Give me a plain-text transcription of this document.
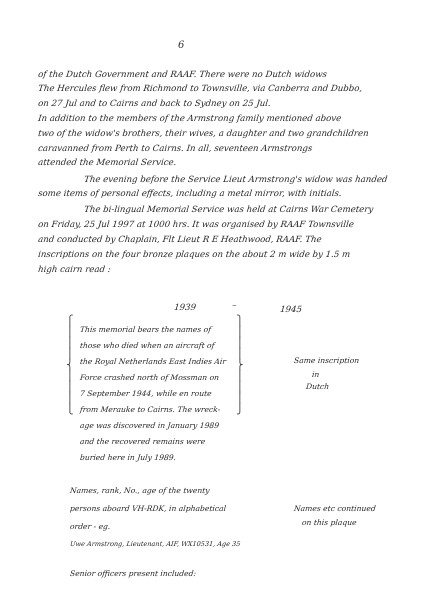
6
of the Dutch Government and RAAF. There were no Dutch widows
The Hercules flew from Richmond to Townsville, via Canberra and Dubbo,
on 27 Jul and to Cairns and back to Sydney on 25 Jul.
In addition to the members of the Armstrong family mentioned above
two of the widow's brothers, their wives, a daughter and two grandchildren
caravanned from Perth to Cairns. In all, seventeen Armstrongs
attended the Memorial Service.
The evening before the Service Lieut Armstrong's widow was handed
some items of personal effects, including a metal mirror, with initials.
The bi-lingual Memorial Service was held at Cairns War Cemetery
on Friday, 25 Jul 1997 at 1000 hrs. It was organised by RAAF Townsville
and conducted by Chaplain, Flt Lieut R E Heathwood, RAAF. The
inscriptions on the four bronze plaques on the about 2 m wide by 1.5 m
high cairn read :
1939	–	1945
⎧
⎪
⎪
⎪
⎨
⎪
⎪
⎪
⎩
This memorial bears the names of
those who died when an aircraft of
the Royal Netherlands East Indies Air
Force crashed north of Mossman on
7 September 1944, while en route
from Merauke to Cairns. The wreck-
age was discovered in January 1989
and the recovered remains were
buried here in July 1989.
⎫
⎪
⎪
⎪
⎬
⎪
⎪
⎪
⎭
Same inscription
in
Dutch
Names, rank, No., age of the twenty
persons aboard VH-RDK, in alphabetical
order - eg.
Uwe Armstrong, Lieutenant, AIF, WX10531, Age 35
Names etc continued
on this plaque
Senior officers present included:
